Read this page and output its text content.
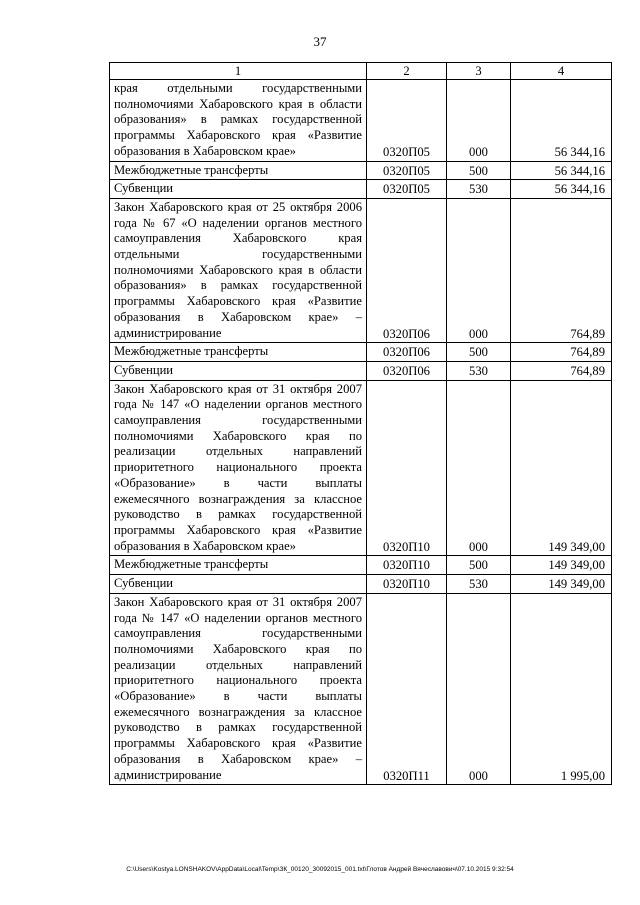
37
1	2	3	4
края отдельными государственными полномочиями Хабаровского края в области образования» в рамках государственной программы Хабаровского края «Развитие образования в Хабаровском крае»	0320П05	000	56 344,16
Межбюджетные трансферты	0320П05	500	56 344,16
Субвенции	0320П05	530	56 344,16
Закон Хабаровского края от 25 октября 2006 года № 67 «О наделении органов местного самоуправления Хабаровского края отдельными государственными полномочиями Хабаровского края в области образования» в рамках государственной программы Хабаровского края «Развитие образования в Хабаровском крае» – администрирование	0320П06	000	764,89
Межбюджетные трансферты	0320П06	500	764,89
Субвенции	0320П06	530	764,89
Закон Хабаровского края от 31 октября 2007 года № 147 «О наделении органов местного самоуправления государственными полномочиями Хабаровского края по реализации отдельных направлений приоритетного национального проекта «Образование» в части выплаты ежемесячного вознаграждения за классное руководство в рамках государственной программы Хабаровского края «Развитие образования в Хабаровском крае»	0320П10	000	149 349,00
Межбюджетные трансферты	0320П10	500	149 349,00
Субвенции	0320П10	530	149 349,00
Закон Хабаровского края от 31 октября 2007 года № 147 «О наделении органов местного самоуправления государственными полномочиями Хабаровского края по реализации отдельных направлений приоритетного национального проекта «Образование» в части выплаты ежемесячного вознаграждения за классное руководство в рамках государственной программы Хабаровского края «Развитие образования в Хабаровском крае» – администрирование	0320П11	000	1 995,00
C:\Users\Kostya.LONSHAKOV\AppData\Local\Temp\ЗК_00120_30092015_001.txt\Глотов Андрей Вячеславович\07.10.2015 9:32:54
